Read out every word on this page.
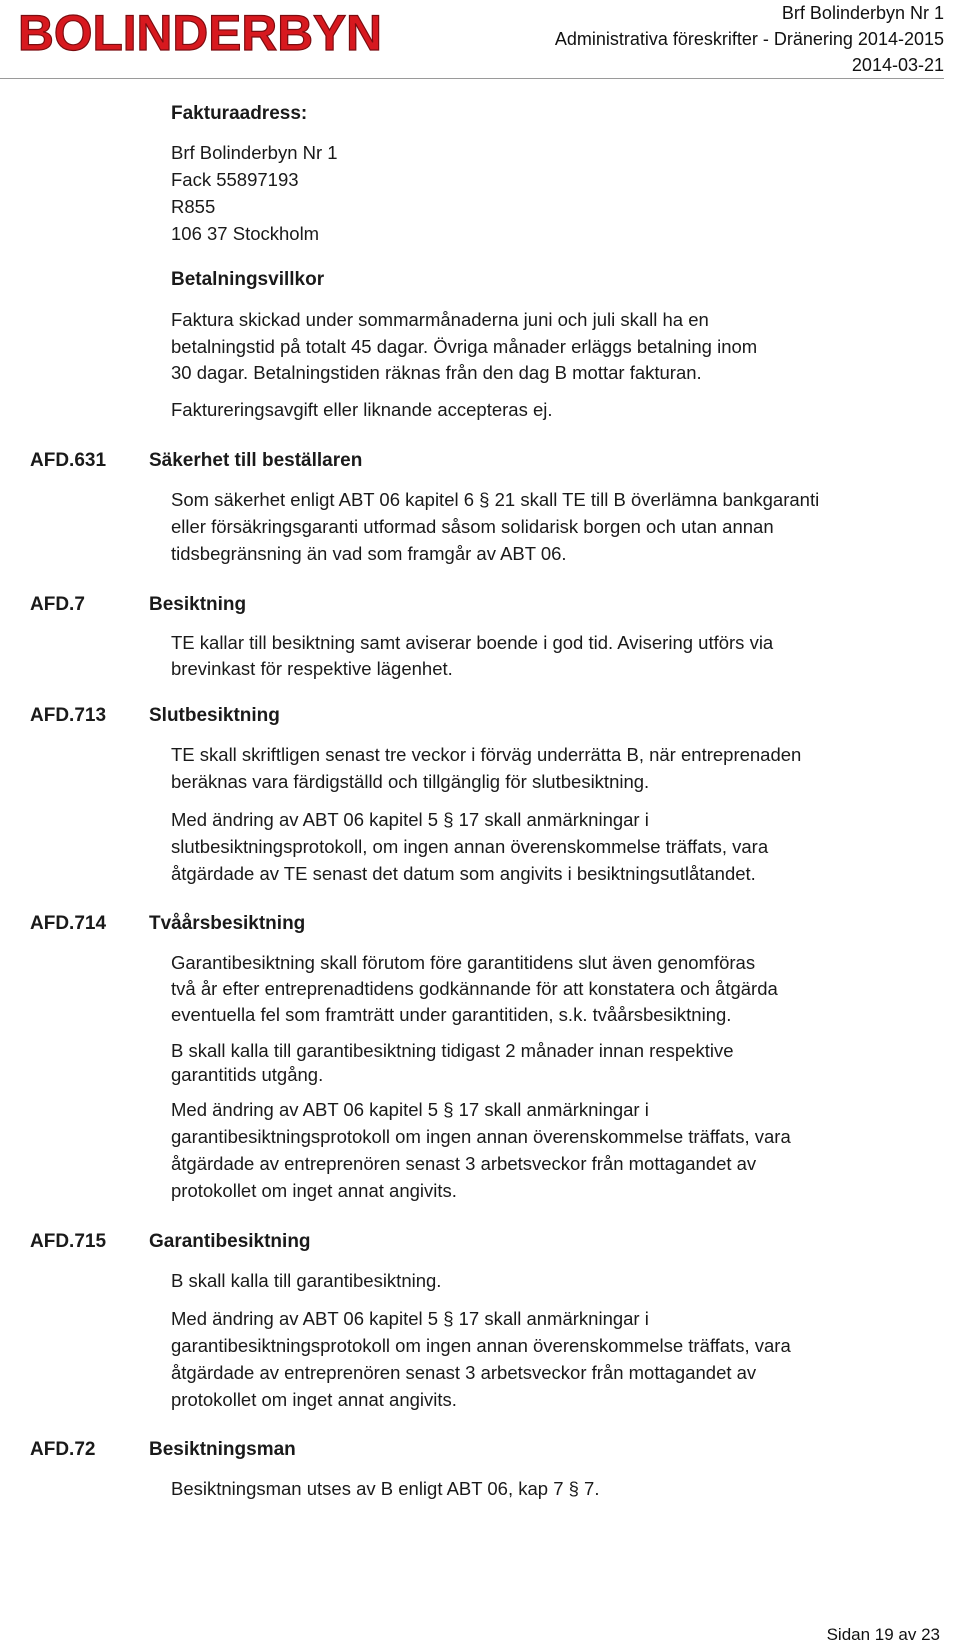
BOLINDERBYN	Brf Bolinderbyn Nr 1
Administrativa föreskrifter - Dränering 2014-2015
2014-03-21
Fakturaadress:
Brf Bolinderbyn Nr 1
Fack 55897193
R855
106 37 Stockholm
Betalningsvillkor
Faktura skickad under sommarmånaderna juni och juli skall ha en
betalningstid på totalt 45 dagar. Övriga månader erläggs betalning inom
30 dagar. Betalningstiden räknas från den dag B mottar fakturan.
Faktureringsavgift eller liknande accepteras ej.
AFD.631 Säkerhet till beställaren
Som säkerhet enligt ABT 06 kapitel 6 § 21 skall TE till B överlämna bankgaranti
eller försäkringsgaranti utformad såsom solidarisk borgen och utan annan
tidsbegränsning än vad som framgår av ABT 06.
AFD.7	Besiktning
TE kallar till besiktning samt aviserar boende i god tid. Avisering utförs via
brevinkast för respektive lägenhet.
AFD.713 Slutbesiktning
TE skall skriftligen senast tre veckor i förväg underrätta B, när entreprenaden
beräknas vara färdigställd och tillgänglig för slutbesiktning.
Med ändring av ABT 06 kapitel 5 § 17 skall anmärkningar i
slutbesiktningsprotokoll, om ingen annan överenskommelse träffats, vara
åtgärdade av TE senast det datum som angivits i besiktningsutlåtandet.
AFD.714 Tvåårsbesiktning
Garantibesiktning skall förutom före garantitidens slut även genomföras
två år efter entreprenadtidens godkännande för att konstatera och åtgärda
eventuella fel som framträtt under garantitiden, s.k. tvåårsbesiktning.
B skall kalla till garantibesiktning tidigast 2 månader innan respektive
garantitids utgång.
Med ändring av ABT 06 kapitel 5 § 17 skall anmärkningar i
garantibesiktningsprotokoll om ingen annan överenskommelse träffats, vara
åtgärdade av entreprenören senast 3 arbetsveckor från mottagandet av
protokollet om inget annat angivits.
AFD.715 Garantibesiktning
B skall kalla till garantibesiktning.
Med ändring av ABT 06 kapitel 5 § 17 skall anmärkningar i
garantibesiktningsprotokoll om ingen annan överenskommelse träffats, vara
åtgärdade av entreprenören senast 3 arbetsveckor från mottagandet av
protokollet om inget annat angivits.
AFD.72	Besiktningsman
Besiktningsman utses av B enligt ABT 06, kap 7 § 7.
Sidan 19 av 23
